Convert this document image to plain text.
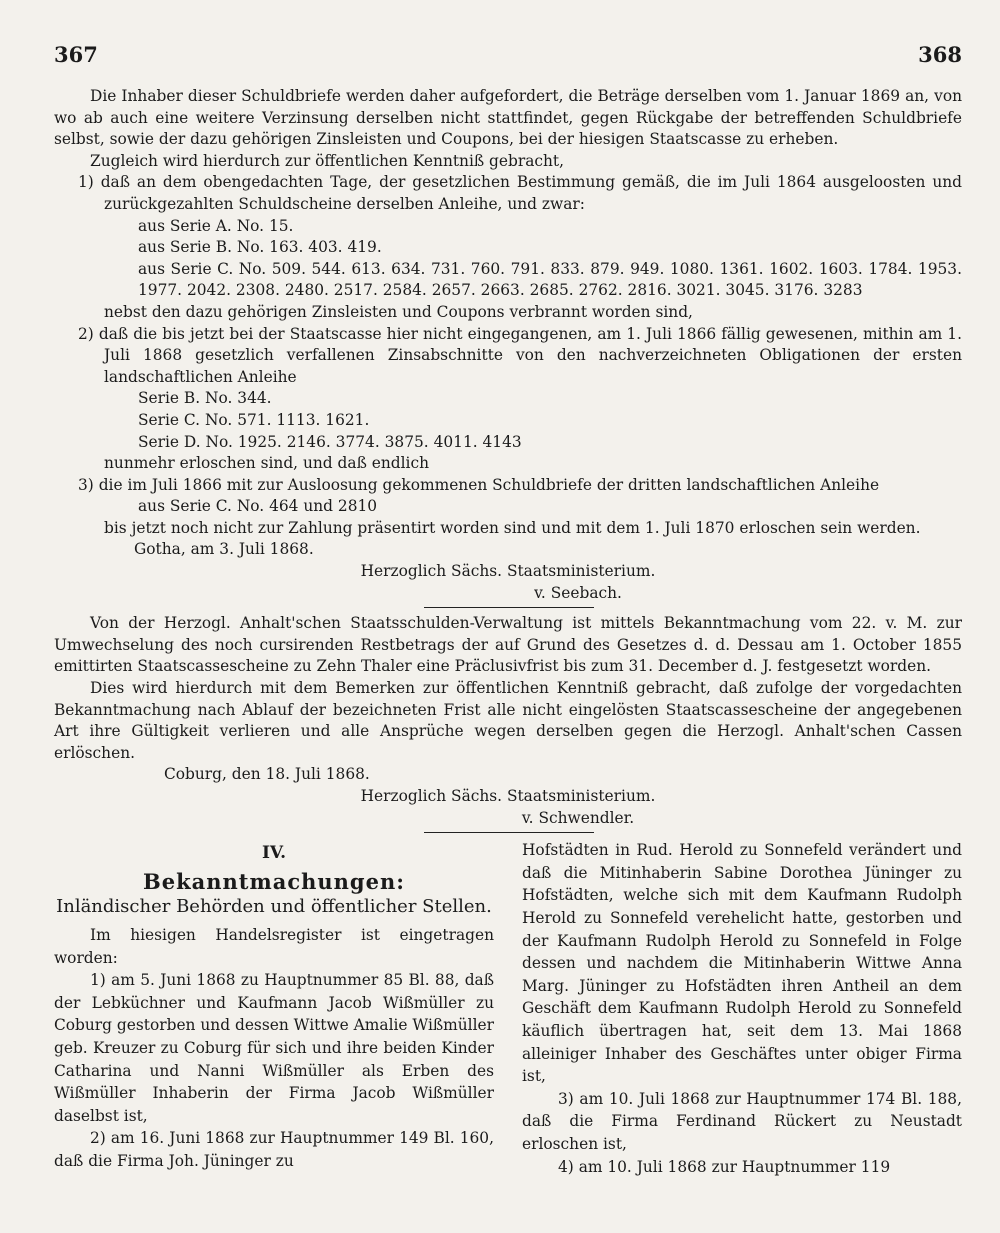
367	368

Die Inhaber dieser Schuldbriefe werden daher aufgefordert, die Beträge derselben vom 1. Januar 1869 an, von wo ab auch eine weitere Verzinsung derselben nicht stattfindet, gegen Rückgabe der betreffenden Schuldbriefe selbst, sowie der dazu gehörigen Zinsleisten und Coupons, bei der hiesigen Staatscasse zu erheben.

Zugleich wird hierdurch zur öffentlichen Kenntniß gebracht,

1) daß an dem obengedachten Tage, der gesetzlichen Bestimmung gemäß, die im Juli 1864 ausgeloosten und zurückgezahlten Schuldscheine derselben Anleihe, und zwar:

aus Serie A. No. 15.

aus Serie B. No. 163. 403. 419.

aus Serie C. No. 509. 544. 613. 634. 731. 760. 791. 833. 879. 949. 1080. 1361. 1602. 1603. 1784. 1953. 1977. 2042. 2308. 2480. 2517. 2584. 2657. 2663. 2685. 2762. 2816. 3021. 3045. 3176. 3283

nebst den dazu gehörigen Zinsleisten und Coupons verbrannt worden sind,

2) daß die bis jetzt bei der Staatscasse hier nicht eingegangenen, am 1. Juli 1866 fällig gewesenen, mithin am 1. Juli 1868 gesetzlich verfallenen Zinsabschnitte von den nachverzeichneten Obligationen der ersten landschaftlichen Anleihe

Serie B. No. 344.

Serie C. No. 571. 1113. 1621.

Serie D. No. 1925. 2146. 3774. 3875. 4011. 4143

nunmehr erloschen sind, und daß endlich

3) die im Juli 1866 mit zur Ausloosung gekommenen Schuldbriefe der dritten landschaftlichen Anleihe

aus Serie C. No. 464 und 2810

bis jetzt noch nicht zur Zahlung präsentirt worden sind und mit dem 1. Juli 1870 erloschen sein werden.

Gotha, am 3. Juli 1868.

Herzoglich Sächs. Staatsministerium.

v. Seebach.

Von der Herzogl. Anhalt'schen Staatsschulden-Verwaltung ist mittels Bekanntmachung vom 22. v. M. zur Umwechselung des noch cursirenden Restbetrags der auf Grund des Gesetzes d. d. Dessau am 1. October 1855 emittirten Staatscassescheine zu Zehn Thaler eine Präclusivfrist bis zum 31. December d. J. festgesetzt worden.

Dies wird hierdurch mit dem Bemerken zur öffentlichen Kenntniß gebracht, daß zufolge der vorgedachten Bekanntmachung nach Ablauf der bezeichneten Frist alle nicht eingelösten Staatscassescheine der angegebenen Art ihre Gültigkeit verlieren und alle Ansprüche wegen derselben gegen die Herzogl. Anhalt'schen Cassen erlöschen.

Coburg, den 18. Juli 1868.

Herzoglich Sächs. Staatsministerium.

v. Schwendler.

IV.
Bekanntmachungen:
Inländischer Behörden und öffentlicher Stellen.

Im hiesigen Handelsregister ist eingetragen worden:

1) am 5. Juni 1868 zu Hauptnummer 85 Bl. 88, daß der Lebküchner und Kaufmann Jacob Wißmüller zu Coburg gestorben und dessen Wittwe Amalie Wißmüller geb. Kreuzer zu Coburg für sich und ihre beiden Kinder Catharina und Nanni Wißmüller als Erben des Wißmüller Inhaberin der Firma Jacob Wißmüller daselbst ist,

2) am 16. Juni 1868 zur Hauptnummer 149 Bl. 160, daß die Firma Joh. Jüninger zu

Hofstädten in Rud. Herold zu Sonnefeld verändert und daß die Mitinhaberin Sabine Dorothea Jüninger zu Hofstädten, welche sich mit dem Kaufmann Rudolph Herold zu Sonnefeld verehelicht hatte, gestorben und der Kaufmann Rudolph Herold zu Sonnefeld in Folge dessen und nachdem die Mitinhaberin Wittwe Anna Marg. Jüninger zu Hofstädten ihren Antheil an dem Geschäft dem Kaufmann Rudolph Herold zu Sonnefeld käuflich übertragen hat, seit dem 13. Mai 1868 alleiniger Inhaber des Geschäftes unter obiger Firma ist,

3) am 10. Juli 1868 zur Hauptnummer 174 Bl. 188, daß die Firma Ferdinand Rückert zu Neustadt erloschen ist,

4) am 10. Juli 1868 zur Hauptnummer 119
